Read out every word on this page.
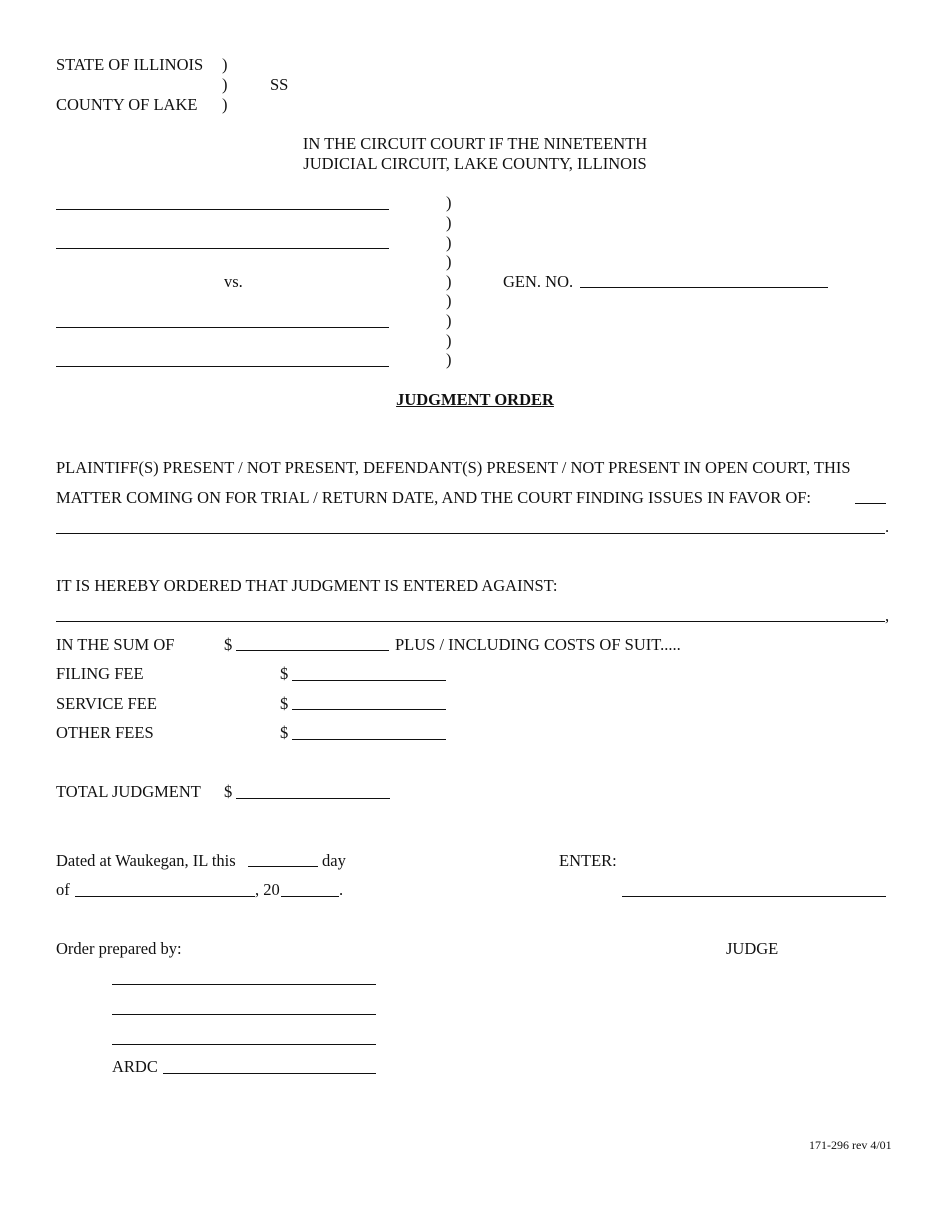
STATE OF ILLINOIS )
)	SS
COUNTY OF LAKE )
IN THE CIRCUIT COURT IF THE NINETEENTH
JUDICIAL CIRCUIT, LAKE COUNTY, ILLINOIS
vs.
)
)
)
)
)
)
)
)
)
GEN. NO.
JUDGMENT ORDER
PLAINTIFF(S) PRESENT / NOT PRESENT, DEFENDANT(S) PRESENT / NOT PRESENT IN OPEN COURT, THIS
MATTER COMING ON FOR TRIAL / RETURN DATE, AND THE COURT FINDING ISSUES IN FAVOR OF:
.
IT IS HEREBY ORDERED THAT JUDGMENT IS ENTERED AGAINST:
,
IN THE SUM OF	$	PLUS / INCLUDING COSTS OF SUIT.....
FILING FEE	$
SERVICE FEE	$
OTHER FEES	$
TOTAL JUDGMENT $
Dated at Waukegan, IL this	day
of	, 20	.
ENTER:
JUDGE
Order prepared by:
ARDC
171-296 rev 4/01
